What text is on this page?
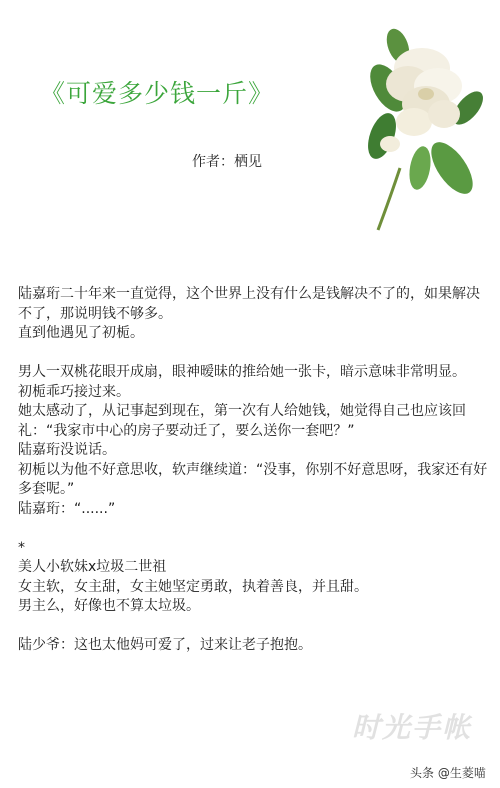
《可爱多少钱一斤》
作者：栖见

陆嘉珩二十年来一直觉得，这个世界上没有什么是钱解决不了的，如果解决不了，那说明钱不够多。

直到他遇见了初栀。

男人一双桃花眼开成扇，眼神暧昧的推给她一张卡，暗示意味非常明显。

初栀乖巧接过来。

她太感动了，从记事起到现在，第一次有人给她钱，她觉得自己也应该回礼：“我家市中心的房子要动迁了，要么送你一套吧？”

陆嘉珩没说话。

初栀以为他不好意思收，软声继续道：“没事，你别不好意思呀，我家还有好多套呢。”

陆嘉珩：“......”

*

美人小软妹x垃圾二世祖

女主软，女主甜，女主她坚定勇敢，执着善良，并且甜。

男主么，好像也不算太垃圾。

陆少爷：这也太他妈可爱了，过来让老子抱抱。

时光手帐
头条 @生菱喵
